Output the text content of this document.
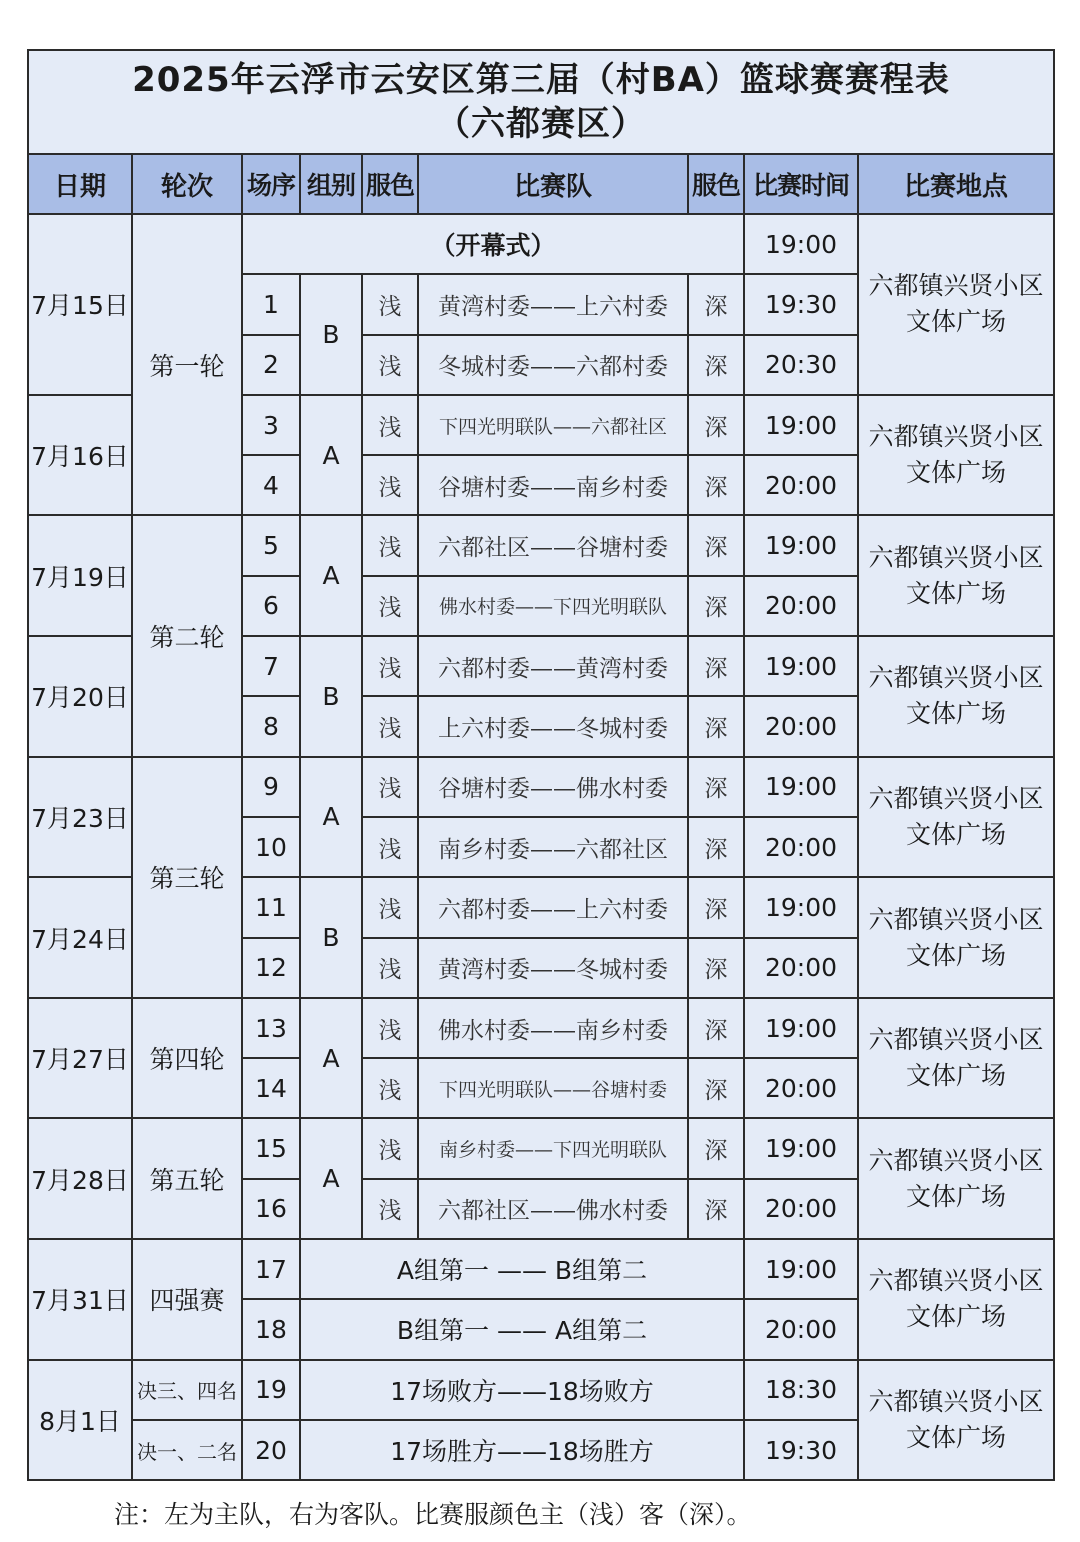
2025年云浮市云安区第三届（村BA）篮球赛赛程表
（六都赛区）								

日期	轮次	场序	组别	服色	比赛队	服色	比赛时间	比赛地点
7月15日	第一轮	（开幕式）					19:00	六都镇兴贤小区
文体广场
		1	B	浅	黄湾村委——上六村委	深	19:30	
		2		浅	冬城村委——六都村委	深	20:30	
7月16日		3	A	浅	下四光明联队——六都社区	深	19:00	六都镇兴贤小区
文体广场
		4		浅	谷塘村委——南乡村委	深	20:00	
7月19日	第二轮	5	A	浅	六都社区——谷塘村委	深	19:00	六都镇兴贤小区
文体广场
		6		浅	佛水村委——下四光明联队	深	20:00	
7月20日		7	B	浅	六都村委——黄湾村委	深	19:00	六都镇兴贤小区
文体广场
		8		浅	上六村委——冬城村委	深	20:00	
7月23日	第三轮	9	A	浅	谷塘村委——佛水村委	深	19:00	六都镇兴贤小区
文体广场
		10		浅	南乡村委——六都社区	深	20:00	
7月24日		11	B	浅	六都村委——上六村委	深	19:00	六都镇兴贤小区
文体广场
		12		浅	黄湾村委——冬城村委	深	20:00	
7月27日	第四轮	13	A	浅	佛水村委——南乡村委	深	19:00	六都镇兴贤小区
文体广场
		14		浅	下四光明联队——谷塘村委	深	20:00	
7月28日	第五轮	15	A	浅	南乡村委——下四光明联队	深	19:00	六都镇兴贤小区
文体广场
		16		浅	六都社区——佛水村委	深	20:00	
7月31日	四强赛	17	A组第一 —— B组第二				19:00	六都镇兴贤小区
文体广场
		18	B组第一 —— A组第二				20:00	
8月1日	决三、四名	19	17场败方——18场败方				18:30	六都镇兴贤小区
文体广场
	决一、二名	20	17场胜方——18场胜方				19:30	
注：左为主队，右为客队。比赛服颜色主（浅）客（深）。
